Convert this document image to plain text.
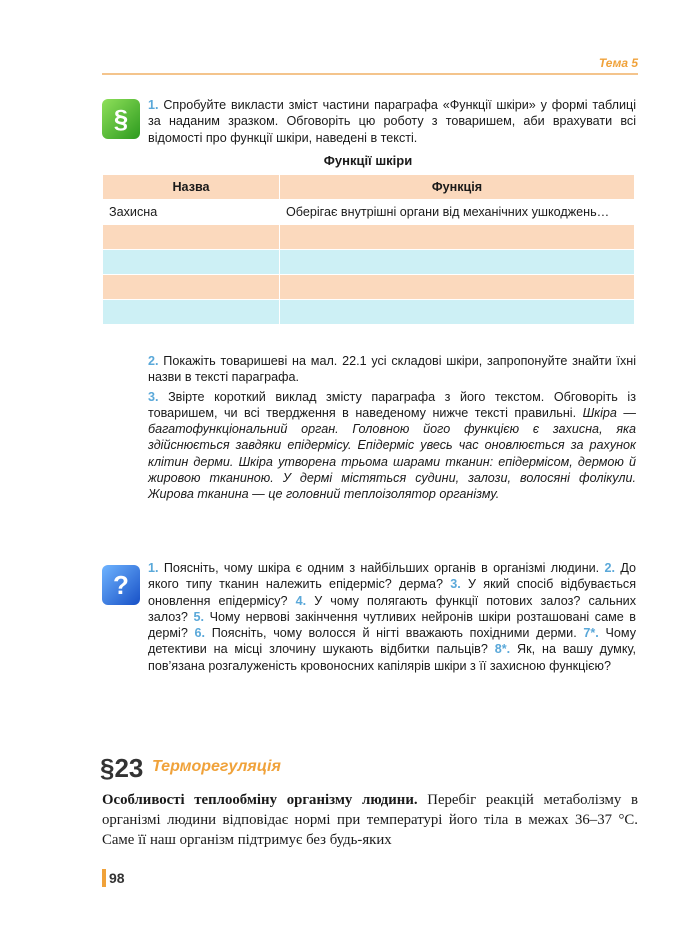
Тема 5
§	1. Спробуйте викласти зміст частини параграфа «Функції шкіри» у формі таблиці за наданим зразком. Обговоріть цю роботу з товаришем, аби врахувати всі відомості про функції шкіри, наведені в тексті.
Функції шкіри
Назва	Функція
Захисна	Оберігає внутрішні органи від механічних ушкоджень…

2. Покажіть товаришеві на мал. 22.1 усі складові шкіри, запропонуйте знайти їхні назви в тексті параграфа.
3. Звірте короткий виклад змісту параграфа з його текстом. Обговоріть із товаришем, чи всі твердження в наведеному нижче тексті правильні. Шкіра — багатофункціональний орган. Головною його функцією є захисна, яка здійснюється завдяки епідермісу. Епідерміс увесь час оновлюється за рахунок клітин дерми. Шкіра утворена трьома шарами тканин: епідермісом, дермою й жировою тканиною. У дермі містяться судини, залози, волосяні фолікули. Жирова тканина — це головний теплоізолятор організму.
?
1. Поясніть, чому шкіра є одним з найбільших органів в організмі людини. 2. До якого типу тканин належить епідерміс? дерма? 3. У який спосіб відбувається оновлення епідермісу? 4. У чому полягають функції потових залоз? сальних залоз? 5. Чому нервові закінчення чутливих нейронів шкіри розташовані саме в дермі? 6. Поясніть, чому волосся й нігті вважають похідними дерми. 7*. Чому детективи на місці злочину шукають відбитки пальців? 8*. Як, на вашу думку, пов’язана розгалуженість кровоносних капілярів шкіри з її захисною функцією?
§23 Терморегуляція
Особливості теплообміну організму людини. Перебіг реакцій метаболізму в організмі людини відповідає нормі при температурі його тіла в межах 36–37 °С. Саме її наш організм підтримує без будь-яких
98
